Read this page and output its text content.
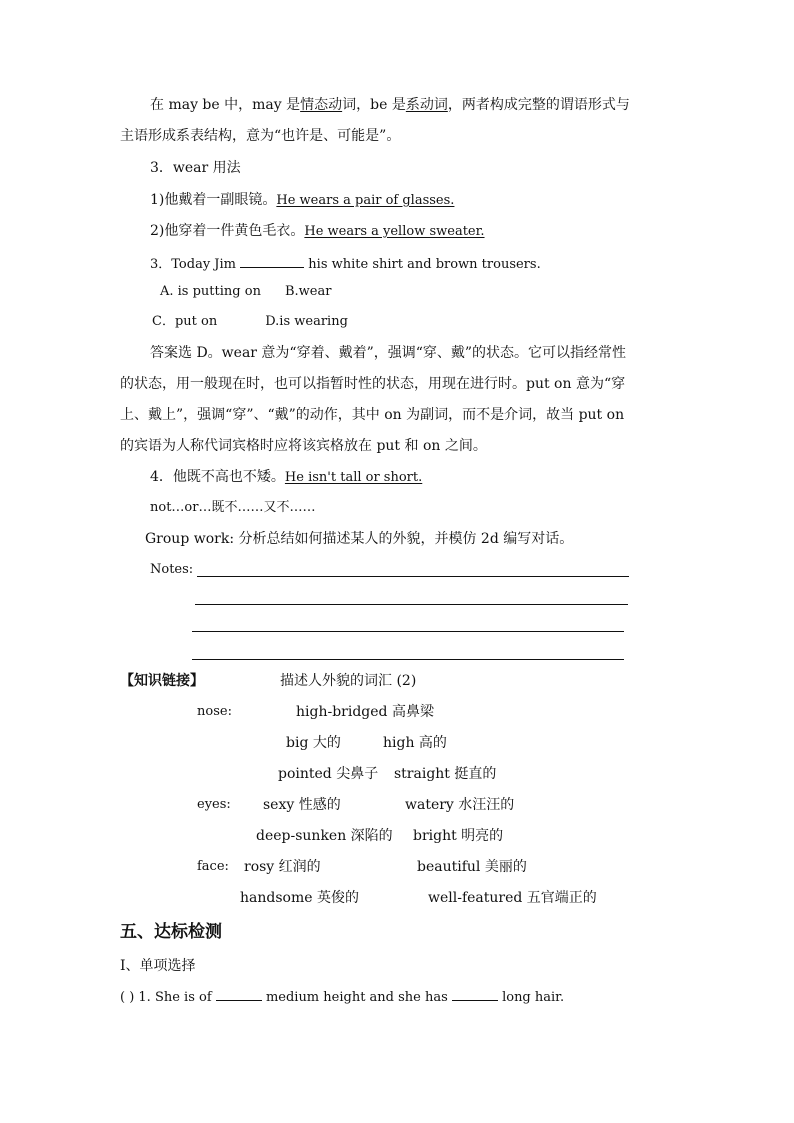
在 may be 中，may 是情态动词，be 是系动词，两者构成完整的谓语形式与
主语形成系表结构，意为“也许是、可能是”。
3．wear 用法
1)他戴着一副眼镜。He wears a pair of glasses.
2)他穿着一件黄色毛衣。He wears a yellow sweater.
3．Today Jim	his white shirt and brown trousers.
A. is putting on B.wear
C．put on	D.is wearing
答案选 D。wear 意为“穿着、戴着”，强调“穿、戴”的状态。它可以指经常性
的状态，用一般现在时，也可以指暂时性的状态，用现在进行时。put on 意为“穿
上、戴上”，强调“穿”、“戴”的动作，其中 on 为副词，而不是介词，故当 put on
的宾语为人称代词宾格时应将该宾格放在 put 和 on 之间。
4．他既不高也不矮。He isn't tall or short.
not…or…既不……又不……
Group work: 分析总结如何描述某人的外貌，并模仿 2d 编写对话。
Notes:
【知识链接】	描述人外貌的词汇 (2)
nose:	high-bridged 高鼻梁
big 大的	high 高的
pointed 尖鼻子 straight 挺直的
eyes: sexy 性感的	watery 水汪汪的
deep-sunken 深陷的 bright 明亮的
face: rosy 红润的	beautiful 美丽的
handsome 英俊的	well-featured 五官端正的
五、达标检测
I、单项选择
( ) 1. She is of	medium height and she has	long hair.
